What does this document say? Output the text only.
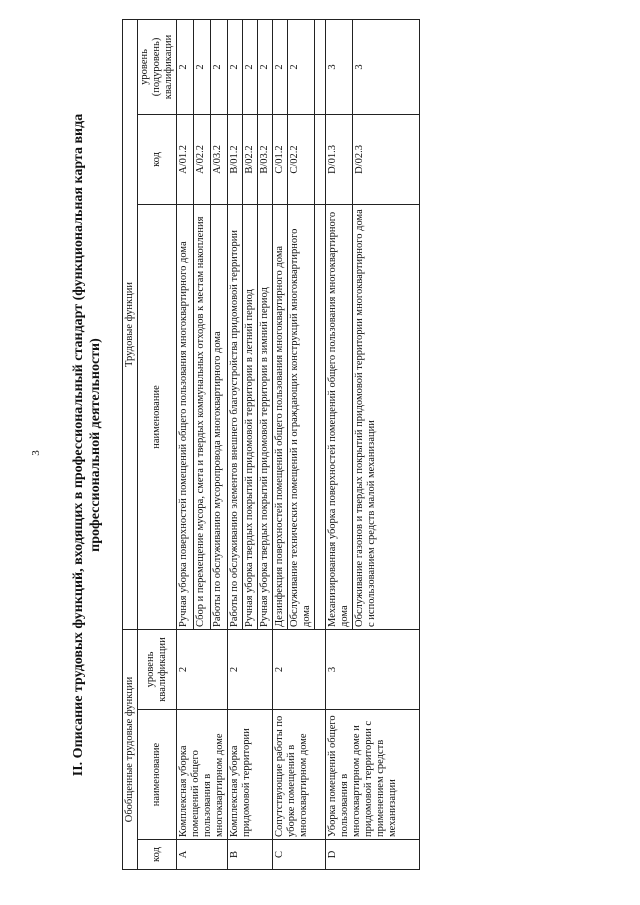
3 II. Описание трудовых функций, входящих в профессиональный стандарт (функциональная карта вида профессиональной деятельности)
Обобщенные трудовые функции			Трудовые функции		
код	наименование	уровень квалификации	наименование	код	уровень (подуровень) квалификации
A	Комплексная уборка помещений общего пользования в многоквартирном доме	2	Ручная уборка поверхностей помещений общего пользования многоквартирного дома	A/01.2	2
			Сбор и перемещение мусора, смета и твердых коммунальных отходов к местам накопления	A/02.2	2
			Работы по обслуживанию мусоропровода многоквартирного дома	A/03.2	2
B	Комплексная уборка придомовой территории	2	Работы по обслуживанию элементов внешнего благоустройства придомовой территории	B/01.2	2
			Ручная уборка твердых покрытий придомовой территории в летний период	B/02.2	2
			Ручная уборка твердых покрытий придомовой территории в зимний период	B/03.2	2
C	Сопутствующие работы по уборке помещений в многоквартирном доме	2	Дезинфекция поверхностей помещений общего пользования многоквартирного дома	C/01.2	2
			Обслуживание технических помещений и ограждающих конструкций многоквартирного дома	C/02.2	2

D	Уборка помещений общего пользования в многоквартирном доме и придомовой территории с применением средств механизации	3	Механизированная уборка поверхностей помещений общего пользования многоквартирного дома	D/01.3	3
			Обслуживание газонов и твердых покрытий придомовой территории многоквартирного дома с использованием средств малой механизации	D/02.3	3
